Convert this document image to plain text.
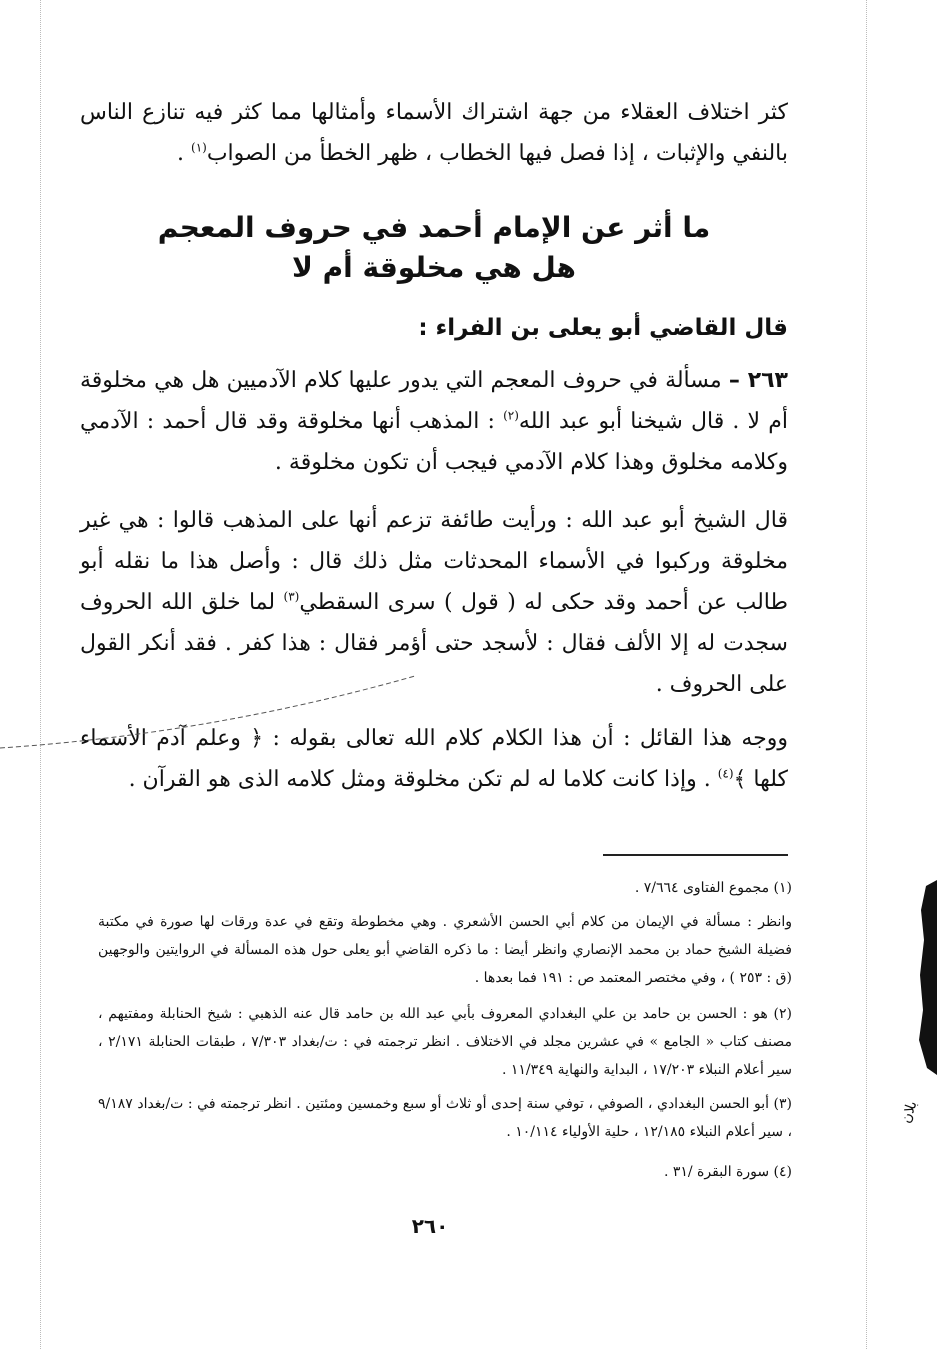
كثر اختلاف العقلاء من جهة اشتراك الأسماء وأمثالها مما كثر فيه تنازع الناس بالنفي والإثبات ، إذا فصل فيها الخطاب ، ظهر الخطأ من الصواب$^{(١)}$ .
ما أثر عن الإمام أحمد في حروف المعجم
هل هي مخلوقة أم لا
قال القاضي أبو يعلى بن الفراء :
٢٦٣ – مسألة في حروف المعجم التي يدور عليها كلام الآدميين هل هي مخلوقة أم لا . قال شيخنا أبو عبد الله$^{(٢)}$ : المذهب أنها مخلوقة وقد قال أحمد : الآدمي وكلامه مخلوق وهذا كلام الآدمي فيجب أن تكون مخلوقة .
قال الشيخ أبو عبد الله : ورأيت طائفة تزعم أنها على المذهب قالوا : هي غير مخلوقة وركبوا في الأسماء المحدثات مثل ذلك قال : وأصل هذا ما نقله أبو طالب عن أحمد وقد حكى له ( قول ) سرى السقطي$^{(٣)}$ لما خلق الله الحروف سجدت له إلا الألف فقال : لأسجد حتى أؤمر فقال : هذا كفر . فقد أنكر القول على الحروف .
ووجه هذا القائل : أن هذا الكلام كلام الله تعالى بقوله : ﴿ وعلم آدم الأسماء كلها ﴾$^{(٤)}$ . وإذا كانت كلاما له لم تكن مخلوقة ومثل كلامه الذى هو القرآن .
(١) مجموع الفتاوى ٧/٦٦٤ .
وانظر : مسألة في الإيمان من كلام أبي الحسن الأشعري . وهي مخطوطة وتقع في عدة ورقات لها صورة في مكتبة فضيلة الشيخ حماد بن محمد الإنصاري وانظر أيضا : ما ذكره القاضي أبو يعلى حول هذه المسألة في الروايتين والوجهين (ق : ٢٥٣ ) ، وفي مختصر المعتمد ص : ١٩١ فما بعدها .
(٢) هو : الحسن بن حامد بن علي البغدادي المعروف بأبي عبد الله بن حامد قال عنه الذهبي : شيخ الحنابلة ومفتيهم ، مصنف كتاب « الجامع » في عشرين مجلد في الاختلاف . انظر ترجمته في : ت/بغداد ٧/٣٠٣ ، طبقات الحنابلة ٢/١٧١ ، سير أعلام النبلاء ١٧/٢٠٣ ، البداية والنهاية ١١/٣٤٩ .
(٣) أبو الحسن البغدادي ، الصوفي ، توفي سنة إحدى أو ثلاث أو سبع وخمسين ومئتين . انظر ترجمته في : ت/بغداد ٩/١٨٧ ، سير أعلام النبلاء ١٢/١٨٥ ، حلية الأولياء ١٠/١١٤ .
(٤) سورة البقرة /٣١ .
٢٦٠
بلان
